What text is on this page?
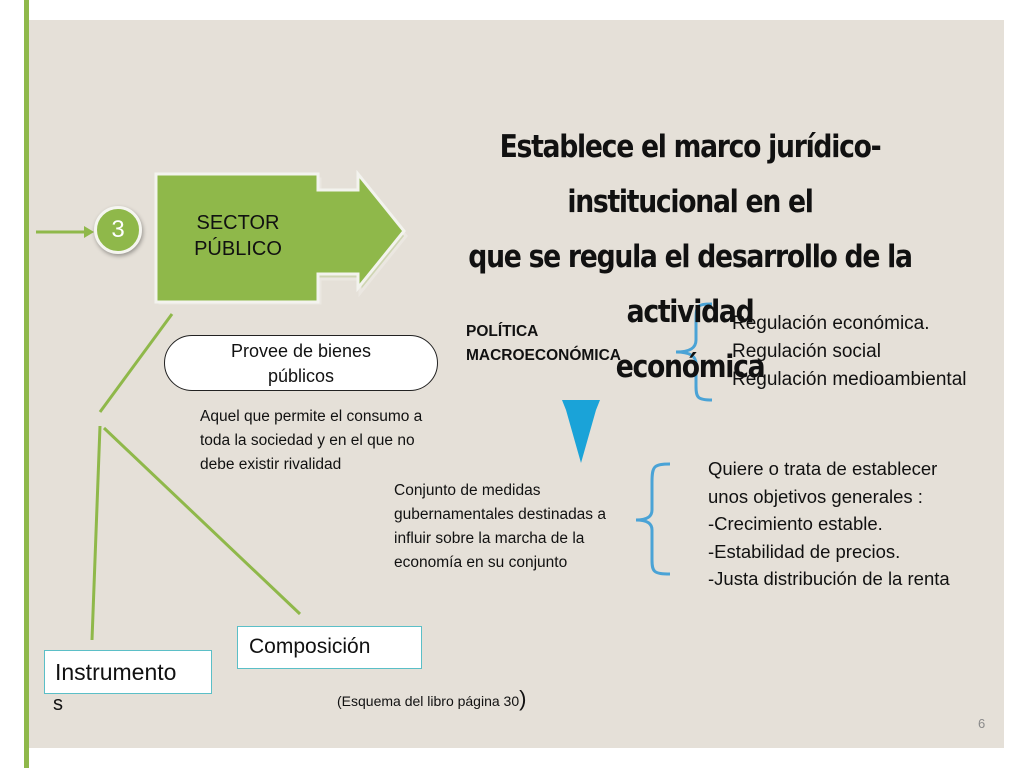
3	SECTOR
PÚBLICO
Establece el marco jurídico-institucional en el
que se regula el desarrollo de la actividad
económica
Provee de bienes
públicos
Aquel que permite el consumo a
toda la sociedad y en el que no
debe existir rivalidad
POLÍTICA
MACROECONÓMICA
Regulación económica.
Regulación social
Regulación medioambiental
Conjunto de medidas
gubernamentales destinadas a
influir sobre la marcha de la
economía en su conjunto
Quiere o trata de establecer
unos objetivos generales :
-Crecimiento estable.
-Estabilidad de precios.
-Justa distribución de la renta
Composición
Instrumento
s	(Esquema del libro página 30)
6
